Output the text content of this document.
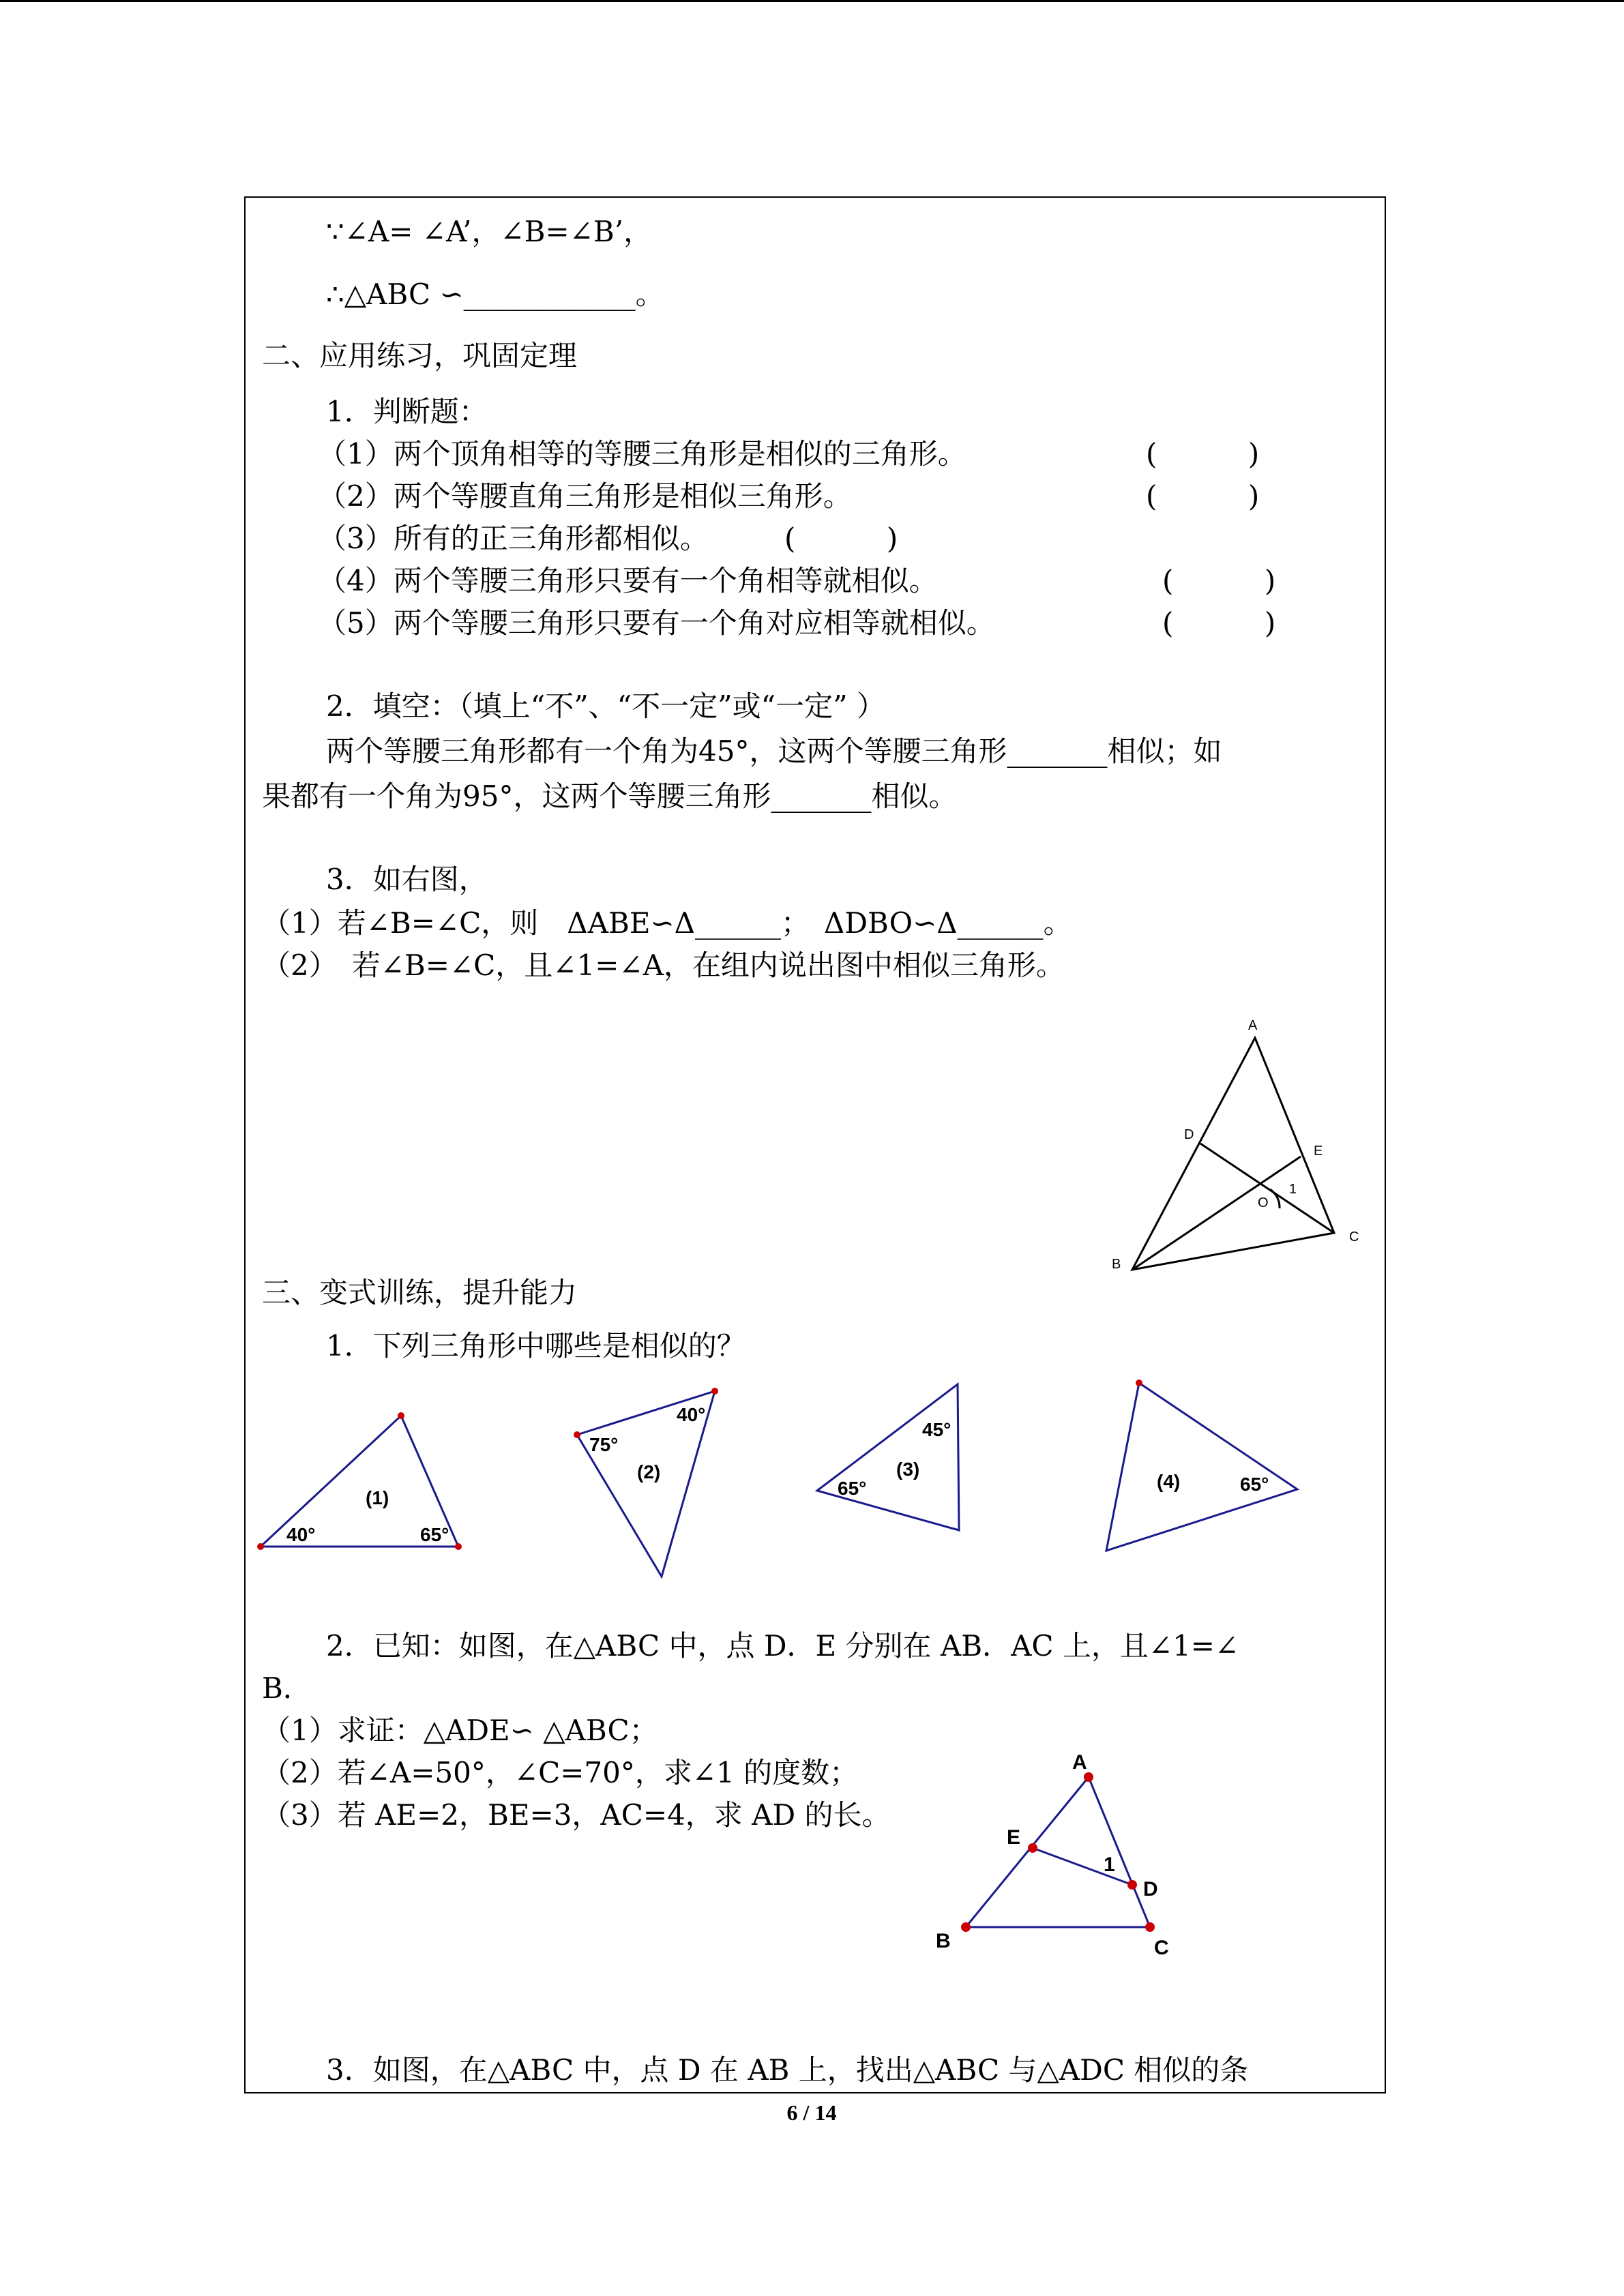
∵∠A= ∠A’，∠B=∠B’，
∴△ABC ∽____________。
二、应用练习，巩固定理
1．判断题：
（1）两个顶角相等的等腰三角形是相似的三角形。	(          )
（2）两个等腰直角三角形是相似三角形。	(          )
（3）所有的正三角形都相似。	(          )
（4）两个等腰三角形只要有一个角相等就相似。	(          )
（5）两个等腰三角形只要有一个角对应相等就相似。	(          )
2．填空：（填上“不”、“不一定”或“一定” ）
两个等腰三角形都有一个角为45°，这两个等腰三角形_______相似；如
果都有一个角为95°，这两个等腰三角形_______相似。
3．如右图，
（1）若∠B=∠C，则　ΔABE∽Δ______；　ΔDBO∽Δ______。
（2）　若∠B=∠C，且∠1=∠A，在组内说出图中相似三角形。
A
B
C
D
E
O
1
三、变式训练，提升能力
1．下列三角形中哪些是相似的？
(1)
40°	65°
(2)
75°
40°
(3)
45°
65°	(4)	65°
2．已知：如图，在△ABC 中，点 D．E 分别在 AB．AC 上，且∠1=∠
B．
（1）求证：△ADE∽ △ABC；
（2）若∠A=50°，∠C=70°，求∠1 的度数；
（3）若 AE=2，BE=3，AC=4，求 AD 的长。
A
E
D
B	C
1
3．如图，在△ABC 中，点 D 在 AB 上，找出△ABC 与△ADC 相似的条
6 / 14
